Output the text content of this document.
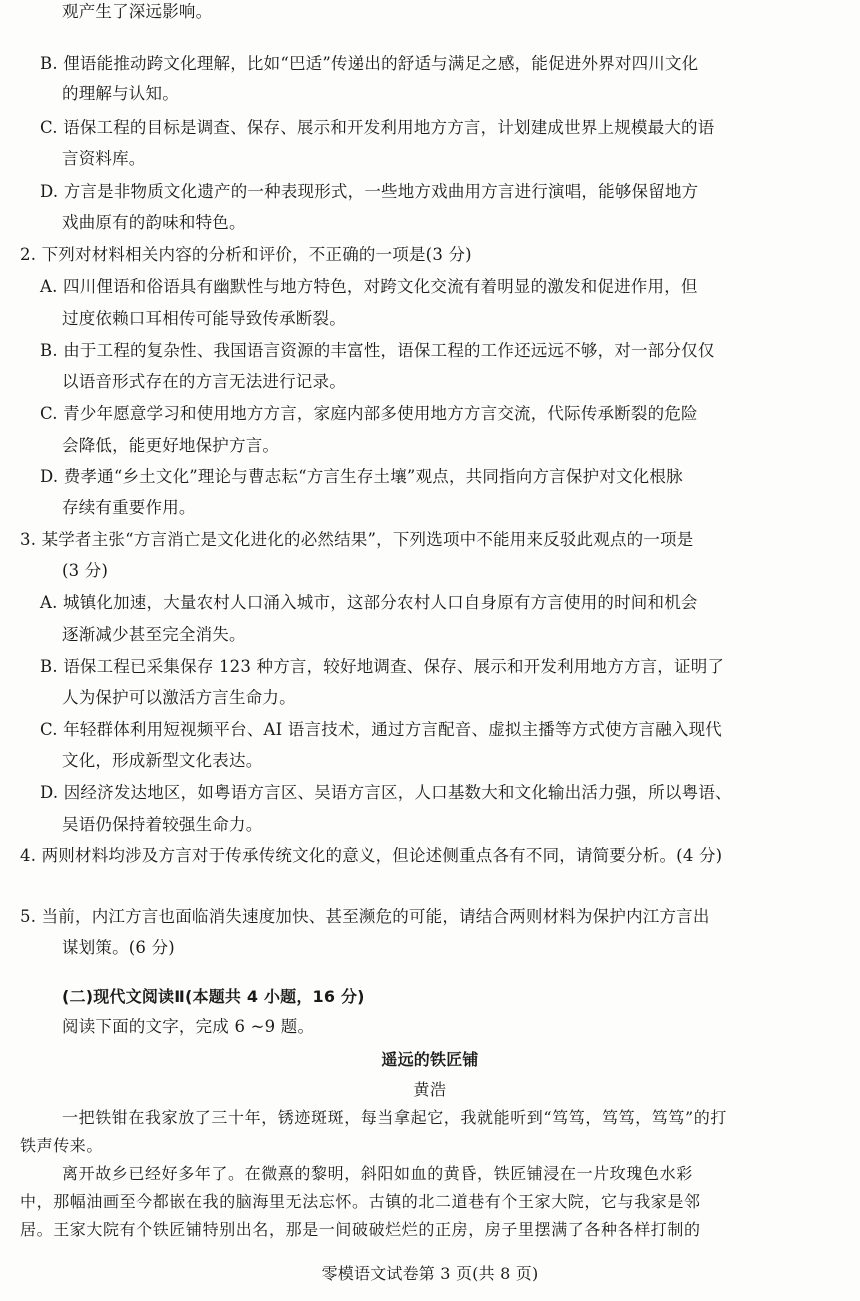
观产生了深远影响。
B. 俚语能推动跨文化理解，比如“巴适”传递出的舒适与满足之感，能促进外界对四川文化
的理解与认知。
C. 语保工程的目标是调查、保存、展示和开发利用地方方言，计划建成世界上规模最大的语
言资料库。
D. 方言是非物质文化遗产的一种表现形式，一些地方戏曲用方言进行演唱，能够保留地方
戏曲原有的韵味和特色。
2. 下列对材料相关内容的分析和评价，不正确的一项是(3 分)
A. 四川俚语和俗语具有幽默性与地方特色，对跨文化交流有着明显的激发和促进作用，但
过度依赖口耳相传可能导致传承断裂。
B. 由于工程的复杂性、我国语言资源的丰富性，语保工程的工作还远远不够，对一部分仅仅
以语音形式存在的方言无法进行记录。
C. 青少年愿意学习和使用地方方言，家庭内部多使用地方方言交流，代际传承断裂的危险
会降低，能更好地保护方言。
D. 费孝通“乡土文化”理论与曹志耘“方言生存土壤”观点，共同指向方言保护对文化根脉
存续有重要作用。
3. 某学者主张“方言消亡是文化进化的必然结果”，下列选项中不能用来反驳此观点的一项是
(3 分)
A. 城镇化加速，大量农村人口涌入城市，这部分农村人口自身原有方言使用的时间和机会
逐渐减少甚至完全消失。
B. 语保工程已采集保存 123 种方言，较好地调查、保存、展示和开发利用地方方言，证明了
人为保护可以激活方言生命力。
C. 年轻群体利用短视频平台、AI 语言技术，通过方言配音、虚拟主播等方式使方言融入现代
文化，形成新型文化表达。
D. 因经济发达地区，如粤语方言区、吴语方言区，人口基数大和文化输出活力强，所以粤语、
吴语仍保持着较强生命力。
4. 两则材料均涉及方言对于传承传统文化的意义，但论述侧重点各有不同，请简要分析。(4 分)
5. 当前，内江方言也面临消失速度加快、甚至濒危的可能，请结合两则材料为保护内江方言出
谋划策。(6 分)
(二)现代文阅读Ⅱ(本题共 4 小题，16 分)
阅读下面的文字，完成 6 ~9 题。
遥远的铁匠铺
黄浩
一把铁钳在我家放了三十年，锈迹斑斑，每当拿起它，我就能听到“笃笃，笃笃，笃笃”的打
铁声传来。
离开故乡已经好多年了。在微熹的黎明，斜阳如血的黄昏，铁匠铺浸在一片玫瑰色水彩
中，那幅油画至今都嵌在我的脑海里无法忘怀。古镇的北二道巷有个王家大院，它与我家是邻
居。王家大院有个铁匠铺特别出名，那是一间破破烂烂的正房，房子里摆满了各种各样打制的
零模语文试卷第 3 页(共 8 页)
